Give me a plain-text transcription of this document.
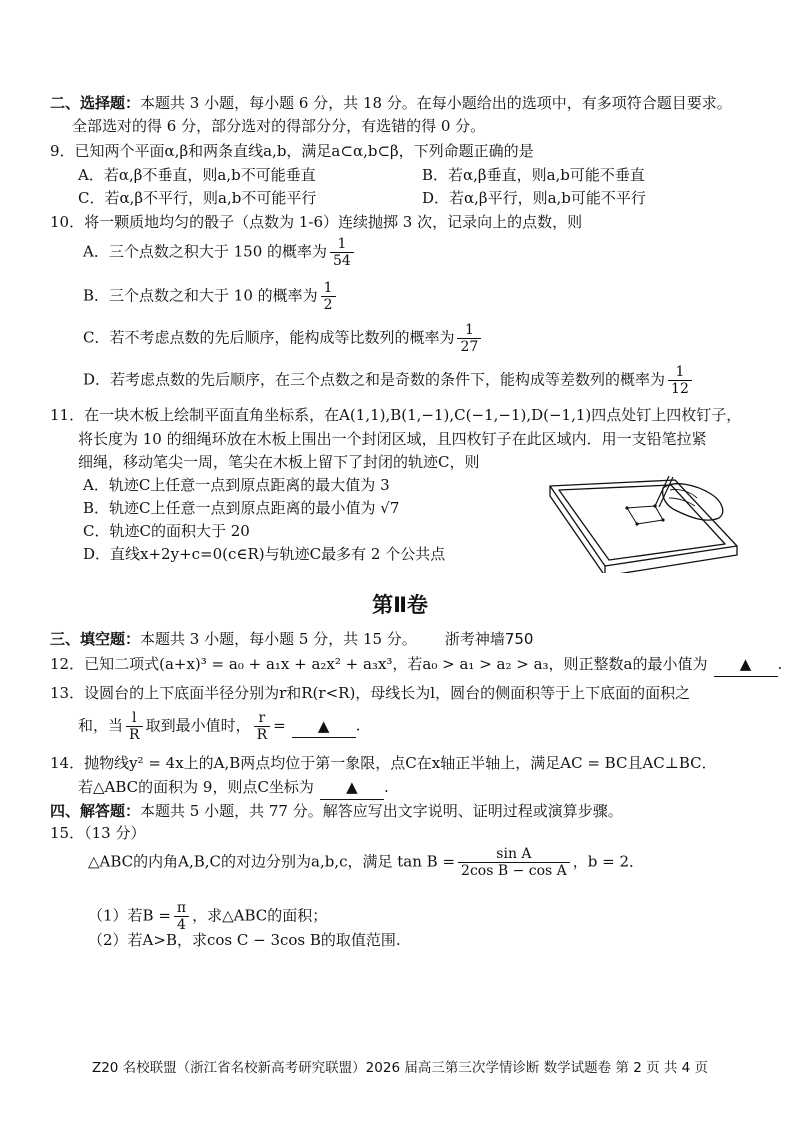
二、选择题：本题共 3 小题，每小题 6 分，共 18 分。在每小题给出的选项中，有多项符合题目要求。
全部选对的得 6 分，部分选对的得部分分，有选错的得 0 分。
9．已知两个平面α,β和两条直线a,b，满足a⊂α,b⊂β，下列命题正确的是
A．若α,β不垂直，则a,b不可能垂直	B．若α,β垂直，则a,b可能不垂直
C．若α,β不平行，则a,b不可能平行	D．若α,β平行，则a,b可能不平行
10．将一颗质地均匀的骰子（点数为 1-6）连续抛掷 3 次，记录向上的点数，则
A．三个点数之积大于 150 的概率为 $\frac{1}{54}$
B．三个点数之和大于 10 的概率为 $\frac{1}{2}$
C．若不考虑点数的先后顺序，能构成等比数列的概率为 $\frac{1}{27}$
D．若考虑点数的先后顺序，在三个点数之和是奇数的条件下，能构成等差数列的概率为 $\frac{1}{12}$
11．在一块木板上绘制平面直角坐标系，在A(1,1),B(1,−1),C(−1,−1),D(−1,1)四点处钉上四枚钉子，
将长度为 10 的细绳环放在木板上围出一个封闭区域，且四枚钉子在此区域内．用一支铅笔拉紧
细绳，移动笔尖一周，笔尖在木板上留下了封闭的轨迹C，则
A．轨迹C上任意一点到原点距离的最大值为 3
B．轨迹C上任意一点到原点距离的最小值为 √7
C．轨迹C的面积大于 20
D．直线x+2y+c=0(c∈R)与轨迹C最多有 2 个公共点
第Ⅱ卷
三、填空题：本题共 3 小题，每小题 5 分，共 15 分。 浙考神墙750
12．已知二项式(a+x)³ = a₀ + a₁x + a₂x² + a₃x³，若a₀ > a₁ > a₂ > a₃，则正整数a的最小值为 ▲ .
13．设圆台的上下底面半径分别为r和R(r<R)，母线长为l，圆台的侧面积等于上下底面的面积之
和，当 $\frac{l}{R}$ 取到最小值时， $\frac{r}{R}$ = ▲ .
14．抛物线y² = 4x上的A,B两点均位于第一象限，点C在x轴正半轴上，满足AC = BC且AC⊥BC．
若△ABC的面积为 9，则点C坐标为 ▲ .
四、解答题：本题共 5 小题，共 77 分。解答应写出文字说明、证明过程或演算步骤。
15．（13 分）
△ABC的内角A,B,C的对边分别为a,b,c，满足 $\tan B = \frac{\text{sin A}}{\text{2cos B − cos A}}$ ，b = 2．
（1）若$B = \frac{\pi}{4}$ ，求△ABC的面积；
（2）若A>B，求cos C − 3cos B的取值范围.
Z20 名校联盟（浙江省名校新高考研究联盟）2026 届高三第三次学情诊断 数学试题卷 第 2 页 共 4 页
